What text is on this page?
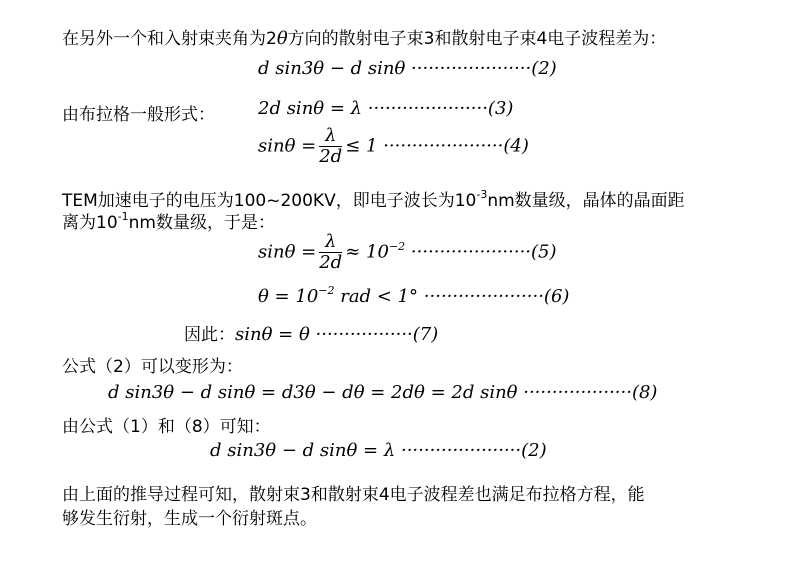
在另外一个和入射束夹角为2θ方向的散射电子束3和散射电子束4电子波程差为：
d sin3θ − d sinθ ·····················(2)
由布拉格一般形式： 2d sinθ = λ ·····················(3)
$\sin\theta = \frac{\lambda}{2d} \le 1 \cdot\cdot\cdot\cdot\cdot\cdot\cdot\cdot\cdot\cdot\cdot\cdot\cdot\cdot\cdot\cdot\cdot\cdot\cdot\cdot\cdot(4)$
TEM加速电子的电压为100~200KV，即电子波长为$10^{-3}nm$数量级，晶体的晶面距
离为$10^{-1}nm$数量级，于是：
$\sin\theta = \frac{\lambda}{2d} \approx 10^{-2} \cdot\cdot\cdot\cdot\cdot\cdot\cdot\cdot\cdot\cdot\cdot\cdot\cdot\cdot\cdot\cdot\cdot\cdot\cdot\cdot\cdot(5)$
$\theta = 10^{-2}$ rad < 1° ·····················(6)
因此：sinθ = θ ·················(7)
公式（2）可以变形为：
d sin3θ − d sinθ = d3θ − dθ = 2dθ = 2d sinθ ···················(8)
由公式（1）和（8）可知：
d sin3θ − d sinθ = λ ·····················(2)
由上面的推导过程可知，散射束3和散射束4电子波程差也满足布拉格方程，能
够发生衍射，生成一个衍射斑点。
